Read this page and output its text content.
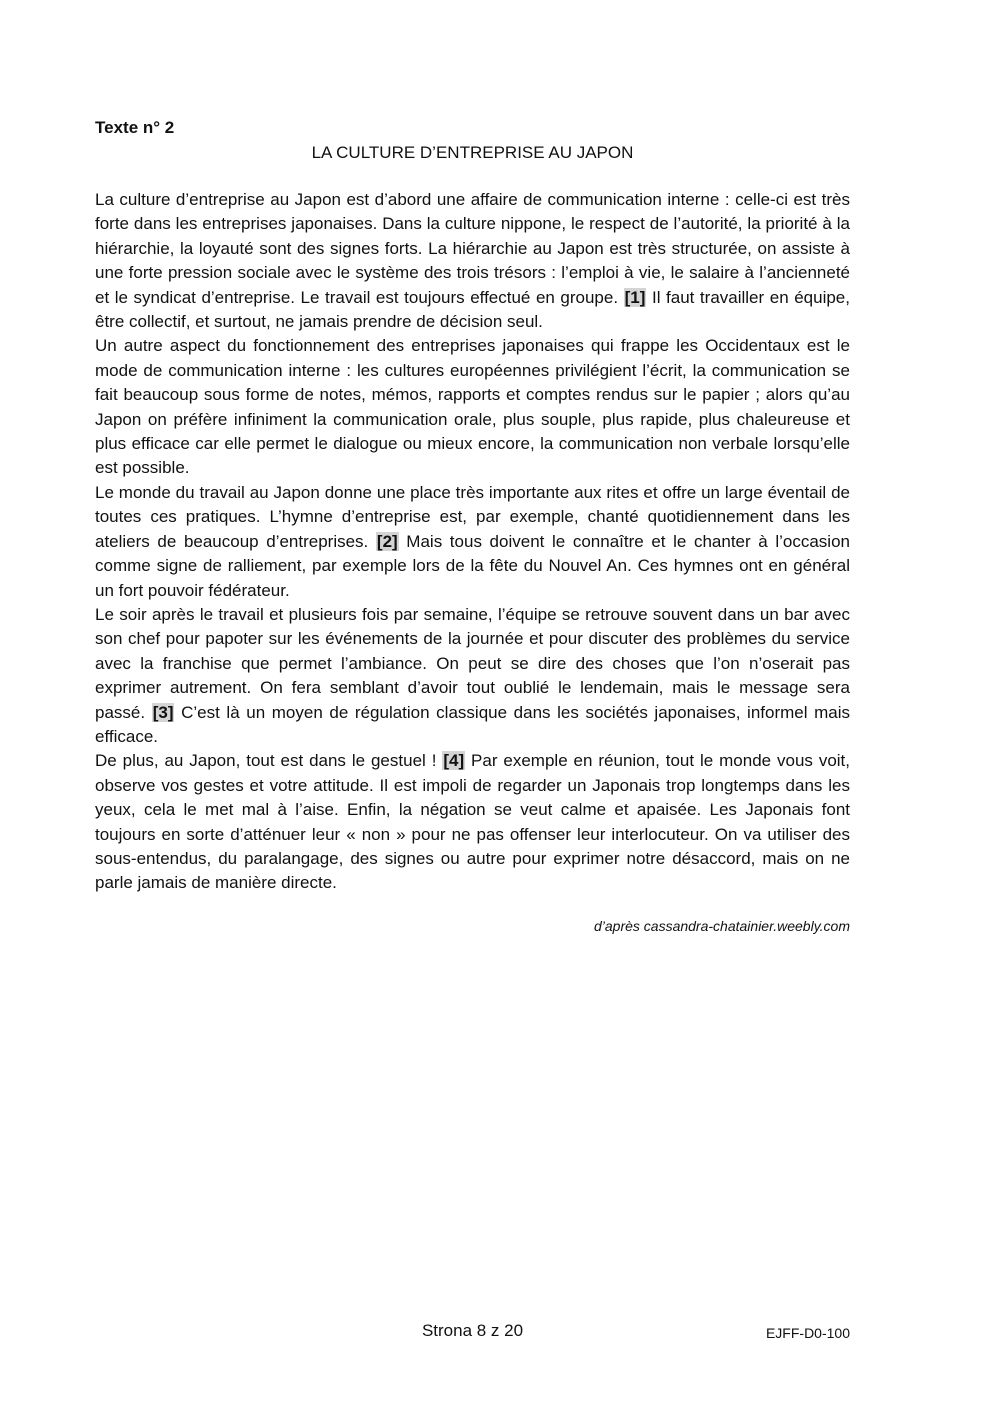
Texte n° 2
LA CULTURE D’ENTREPRISE AU JAPON

La culture d’entreprise au Japon est d’abord une affaire de communication interne : celle-ci est très forte dans les entreprises japonaises. Dans la culture nippone, le respect de l’autorité, la priorité à la hiérarchie, la loyauté sont des signes forts. La hiérarchie au Japon est très structurée, on assiste à une forte pression sociale avec le système des trois trésors : l’emploi à vie, le salaire à l’ancienneté et le syndicat d’entreprise. Le travail est toujours effectué en groupe. [1] Il faut travailler en équipe, être collectif, et surtout, ne jamais prendre de décision seul.

Un autre aspect du fonctionnement des entreprises japonaises qui frappe les Occidentaux est le mode de communication interne : les cultures européennes privilégient l’écrit, la communication se fait beaucoup sous forme de notes, mémos, rapports et comptes rendus sur le papier ; alors qu’au Japon on préfère infiniment la communication orale, plus souple, plus rapide, plus chaleureuse et plus efficace car elle permet le dialogue ou mieux encore, la communication non verbale lorsqu’elle est possible.

Le monde du travail au Japon donne une place très importante aux rites et offre un large éventail de toutes ces pratiques. L’hymne d’entreprise est, par exemple, chanté quotidiennement dans les ateliers de beaucoup d’entreprises. [2] Mais tous doivent le connaître et le chanter à l’occasion comme signe de ralliement, par exemple lors de la fête du Nouvel An. Ces hymnes ont en général un fort pouvoir fédérateur.

Le soir après le travail et plusieurs fois par semaine, l’équipe se retrouve souvent dans un bar avec son chef pour papoter sur les événements de la journée et pour discuter des problèmes du service avec la franchise que permet l’ambiance. On peut se dire des choses que l’on n’oserait pas exprimer autrement. On fera semblant d’avoir tout oublié le lendemain, mais le message sera passé. [3] C’est là un moyen de régulation classique dans les sociétés japonaises, informel mais efficace.

De plus, au Japon, tout est dans le gestuel ! [4] Par exemple en réunion, tout le monde vous voit, observe vos gestes et votre attitude. Il est impoli de regarder un Japonais trop longtemps dans les yeux, cela le met mal à l’aise. Enfin, la négation se veut calme et apaisée. Les Japonais font toujours en sorte d’atténuer leur « non » pour ne pas offenser leur interlocuteur. On va utiliser des sous-entendus, du paralangage, des signes ou autre pour exprimer notre désaccord, mais on ne parle jamais de manière directe.

d’après cassandra-chatainier.weebly.com
Strona 8 z 20	EJFF-D0-100
